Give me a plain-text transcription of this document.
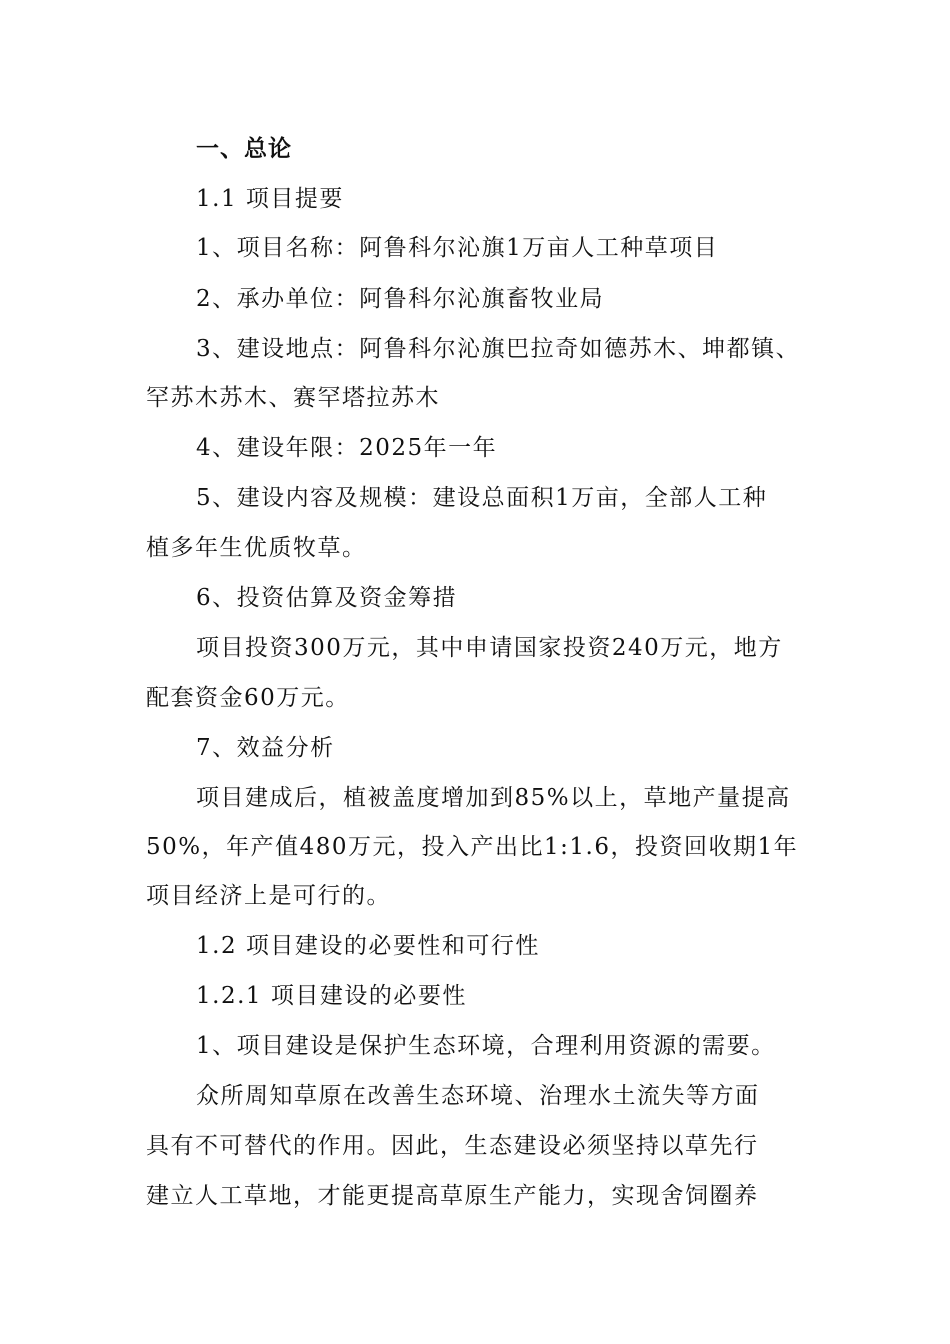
一、总论
1.1 项目提要
1、项目名称：阿鲁科尔沁旗1万亩人工种草项目
2、承办单位：阿鲁科尔沁旗畜牧业局
3、建设地点：阿鲁科尔沁旗巴拉奇如德苏木、坤都镇、
罕苏木苏木、赛罕塔拉苏木
4、建设年限：2025年一年
5、建设内容及规模：建设总面积1万亩，全部人工种
植多年生优质牧草。
6、投资估算及资金筹措
项目投资300万元，其中申请国家投资240万元，地方
配套资金60万元。
7、效益分析
项目建成后，植被盖度增加到85%以上，草地产量提高
50%，年产值480万元，投入产出比1:1.6，投资回收期1年
项目经济上是可行的。
1.2 项目建设的必要性和可行性
1.2.1 项目建设的必要性
1、项目建设是保护生态环境，合理利用资源的需要。
众所周知草原在改善生态环境、治理水土流失等方面
具有不可替代的作用。因此，生态建设必须坚持以草先行
建立人工草地，才能更提高草原生产能力，实现舍饲圈养
